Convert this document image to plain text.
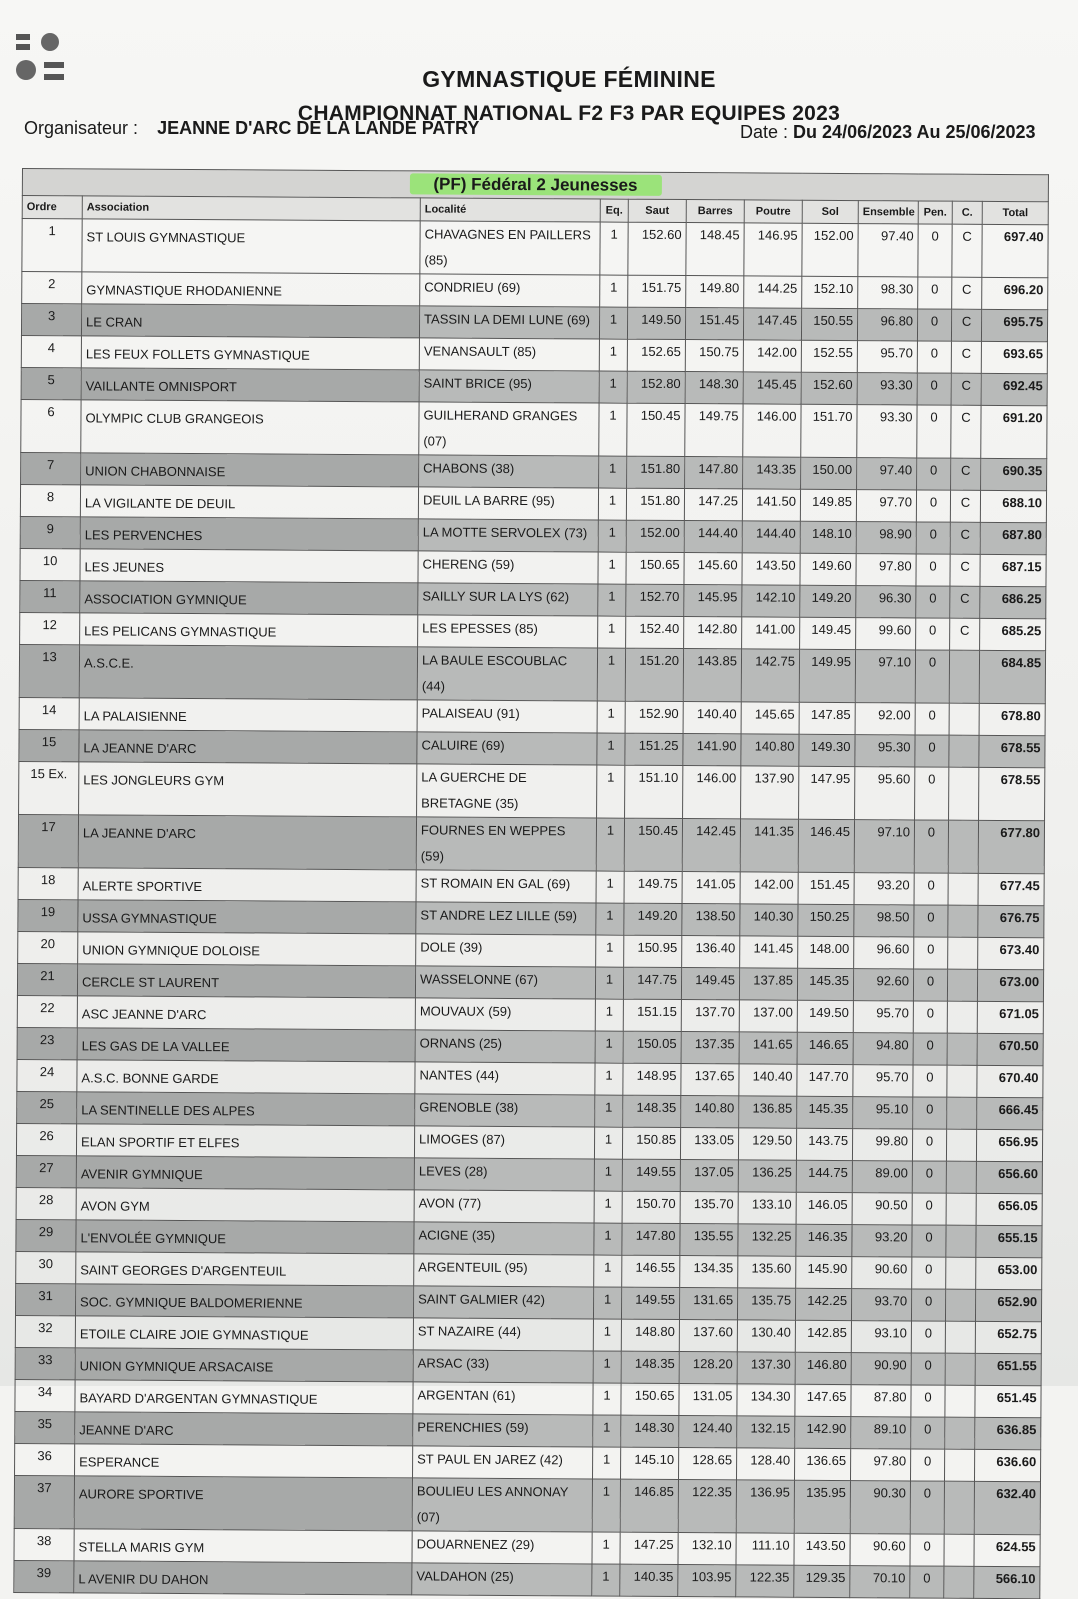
GYMNASTIQUE FÉMININE
CHAMPIONNAT NATIONAL F2 F3 PAR EQUIPES 2023
Organisateur : JEANNE D'ARC DE LA LANDE PATRY	Date : Du 24/06/2023 Au 25/06/2023
(PF) Fédéral 2 Jeunesses											
Ordre	Association	Localité	Eq.	Saut	Barres	Poutre	Sol	Ensemble	Pen.	C.	Total
1	ST LOUIS GYMNASTIQUE	CHAVAGNES EN PAILLERS (85)	1	152.60	148.45	146.95	152.00	97.40	0	C	697.40
2	GYMNASTIQUE RHODANIENNE	CONDRIEU (69)	1	151.75	149.80	144.25	152.10	98.30	0	C	696.20
3	LE CRAN	TASSIN LA DEMI LUNE (69)	1	149.50	151.45	147.45	150.55	96.80	0	C	695.75
4	LES FEUX FOLLETS GYMNASTIQUE	VENANSAULT (85)	1	152.65	150.75	142.00	152.55	95.70	0	C	693.65
5	VAILLANTE OMNISPORT	SAINT BRICE (95)	1	152.80	148.30	145.45	152.60	93.30	0	C	692.45
6	OLYMPIC CLUB GRANGEOIS	GUILHERAND GRANGES (07)	1	150.45	149.75	146.00	151.70	93.30	0	C	691.20
7	UNION CHABONNAISE	CHABONS (38)	1	151.80	147.80	143.35	150.00	97.40	0	C	690.35
8	LA VIGILANTE DE DEUIL	DEUIL LA BARRE (95)	1	151.80	147.25	141.50	149.85	97.70	0	C	688.10
9	LES PERVENCHES	LA MOTTE SERVOLEX (73)	1	152.00	144.40	144.40	148.10	98.90	0	C	687.80
10	LES JEUNES	CHERENG (59)	1	150.65	145.60	143.50	149.60	97.80	0	C	687.15
11	ASSOCIATION GYMNIQUE	SAILLY SUR LA LYS (62)	1	152.70	145.95	142.10	149.20	96.30	0	C	686.25
12	LES PELICANS GYMNASTIQUE	LES EPESSES (85)	1	152.40	142.80	141.00	149.45	99.60	0	C	685.25
13	A.S.C.E.	LA BAULE ESCOUBLAC (44)	1	151.20	143.85	142.75	149.95	97.10	0		684.85
14	LA PALAISIENNE	PALAISEAU (91)	1	152.90	140.40	145.65	147.85	92.00	0		678.80
15	LA JEANNE D'ARC	CALUIRE (69)	1	151.25	141.90	140.80	149.30	95.30	0		678.55
15 Ex.	LES JONGLEURS GYM	LA GUERCHE DE BRETAGNE (35)	1	151.10	146.00	137.90	147.95	95.60	0		678.55
17	LA JEANNE D'ARC	FOURNES EN WEPPES (59)	1	150.45	142.45	141.35	146.45	97.10	0		677.80
18	ALERTE SPORTIVE	ST ROMAIN EN GAL (69)	1	149.75	141.05	142.00	151.45	93.20	0		677.45
19	USSA GYMNASTIQUE	ST ANDRE LEZ LILLE (59)	1	149.20	138.50	140.30	150.25	98.50	0		676.75
20	UNION GYMNIQUE DOLOISE	DOLE (39)	1	150.95	136.40	141.45	148.00	96.60	0		673.40
21	CERCLE ST LAURENT	WASSELONNE (67)	1	147.75	149.45	137.85	145.35	92.60	0		673.00
22	ASC JEANNE D'ARC	MOUVAUX (59)	1	151.15	137.70	137.00	149.50	95.70	0		671.05
23	LES GAS DE LA VALLEE	ORNANS (25)	1	150.05	137.35	141.65	146.65	94.80	0		670.50
24	A.S.C. BONNE GARDE	NANTES (44)	1	148.95	137.65	140.40	147.70	95.70	0		670.40
25	LA SENTINELLE DES ALPES	GRENOBLE (38)	1	148.35	140.80	136.85	145.35	95.10	0		666.45
26	ELAN SPORTIF ET ELFES	LIMOGES (87)	1	150.85	133.05	129.50	143.75	99.80	0		656.95
27	AVENIR GYMNIQUE	LEVES (28)	1	149.55	137.05	136.25	144.75	89.00	0		656.60
28	AVON GYM	AVON (77)	1	150.70	135.70	133.10	146.05	90.50	0		656.05
29	L'ENVOLÉE GYMNIQUE	ACIGNE (35)	1	147.80	135.55	132.25	146.35	93.20	0		655.15
30	SAINT GEORGES D'ARGENTEUIL	ARGENTEUIL (95)	1	146.55	134.35	135.60	145.90	90.60	0		653.00
31	SOC. GYMNIQUE BALDOMERIENNE	SAINT GALMIER (42)	1	149.55	131.65	135.75	142.25	93.70	0		652.90
32	ETOILE CLAIRE JOIE GYMNASTIQUE	ST NAZAIRE (44)	1	148.80	137.60	130.40	142.85	93.10	0		652.75
33	UNION GYMNIQUE ARSACAISE	ARSAC (33)	1	148.35	128.20	137.30	146.80	90.90	0		651.55
34	BAYARD D'ARGENTAN GYMNASTIQUE	ARGENTAN (61)	1	150.65	131.05	134.30	147.65	87.80	0		651.45
35	JEANNE D'ARC	PERENCHIES (59)	1	148.30	124.40	132.15	142.90	89.10	0		636.85
36	ESPERANCE	ST PAUL EN JAREZ (42)	1	145.10	128.65	128.40	136.65	97.80	0		636.60
37	AURORE SPORTIVE	BOULIEU LES ANNONAY (07)	1	146.85	122.35	136.95	135.95	90.30	0		632.40
38	STELLA MARIS GYM	DOUARNENEZ (29)	1	147.25	132.10	111.10	143.50	90.60	0		624.55
39	L AVENIR DU DAHON	VALDAHON (25)	1	140.35	103.95	122.35	129.35	70.10	0		566.10
